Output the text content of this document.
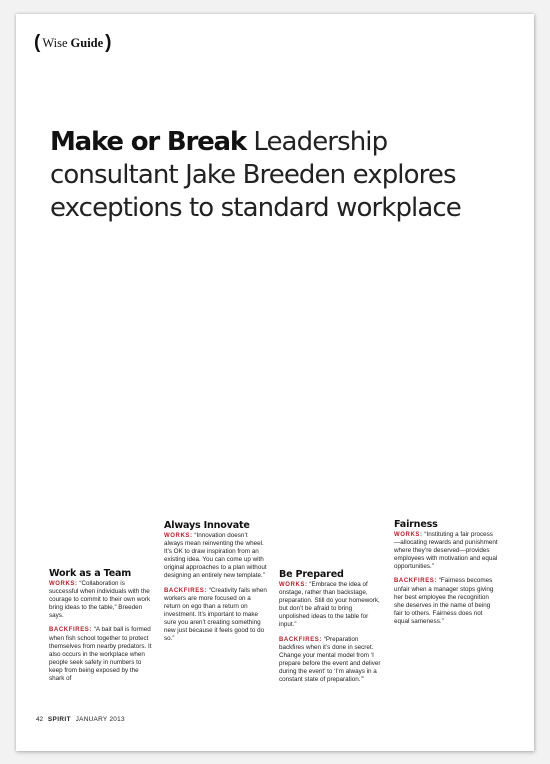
( Wise Guide )
Make or Break Leadership consultant Jake Breeden explores exceptions to standard workplace
Work as a Team

WORKS: “Collaboration is successful when individuals with the courage to commit to their own work bring ideas to the table,” Breeden says.

BACKFIRES: “A bait ball is formed when fish school together to protect themselves from nearby predators. It also occurs in the workplace when people seek safety in numbers to keep from being exposed by the shark of

Always Innovate

WORKS: “Innovation doesn’t always mean reinventing the wheel. It’s OK to draw inspiration from an existing idea. You can come up with original approaches to a plan without designing an entirely new template.”

BACKFIRES: “Creativity fails when workers are more focused on a return on ego than a return on investment. It’s important to make sure you aren’t creating something new just because it feels good to do so.”

Be Prepared

WORKS: “Embrace the idea of onstage, rather than backstage, preparation. Still do your homework, but don’t be afraid to bring unpolished ideas to the table for input.”

BACKFIRES: “Preparation backfires when it’s done in secret. Change your mental model from ‘I prepare before the event and deliver during the event’ to ‘I’m always in a constant state of preparation.’”

Fairness

WORKS: “Instituting a fair process—allocating rewards and punishment where they’re deserved—provides employees with motivation and equal opportunities.”

BACKFIRES: “Fairness becomes unfair when a manager stops giving her best employee the recognition she deserves in the name of being fair to others. Fairness does not equal sameness.”

42 SPIRIT JANUARY 2013
